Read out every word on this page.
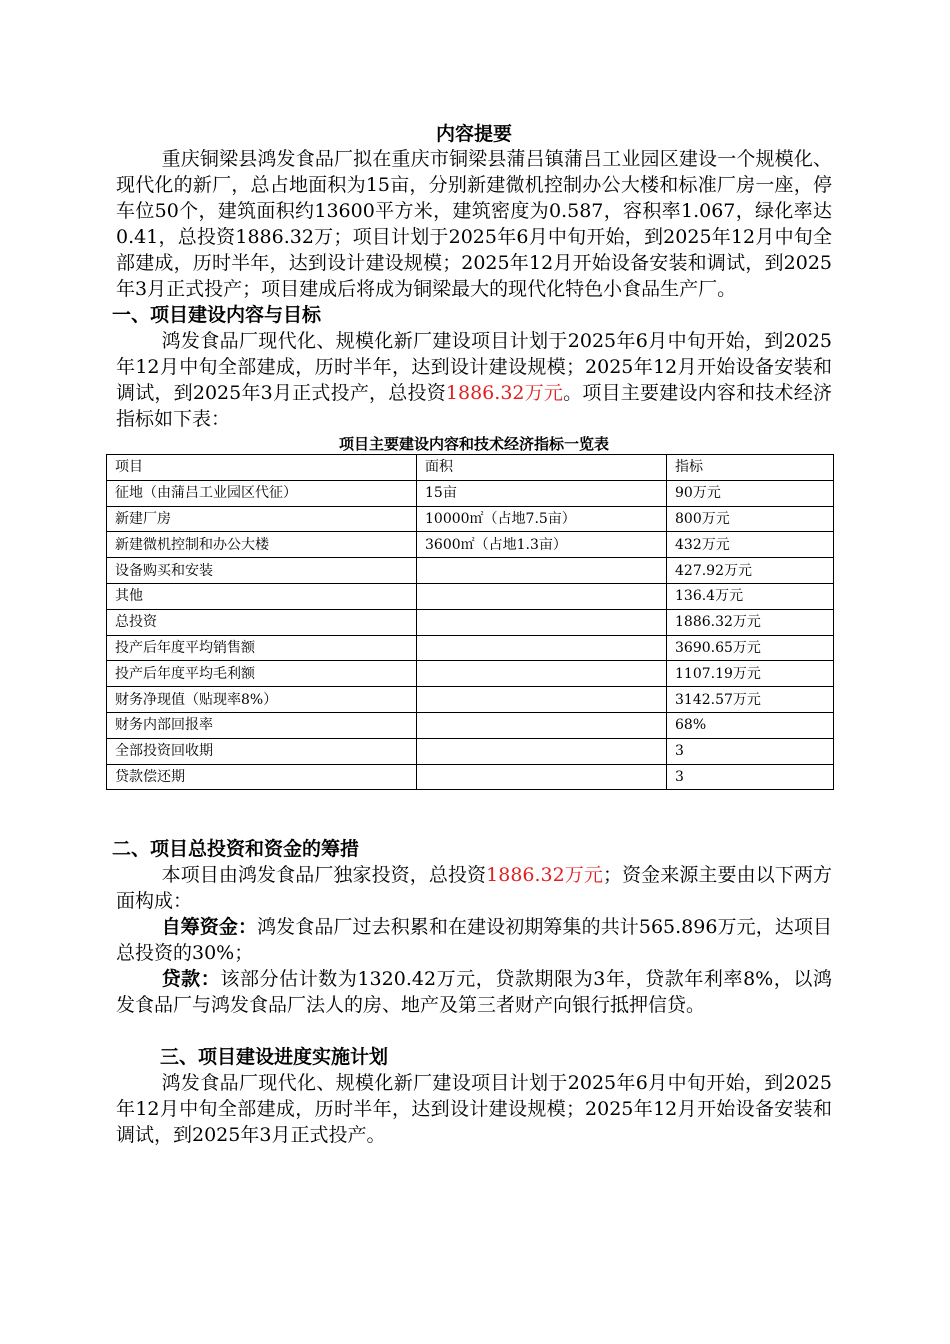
内容提要

重庆铜梁县鸿发食品厂拟在重庆市铜梁县蒲吕镇蒲吕工业园区建设一个规模化、现代化的新厂，总占地面积为15亩，分别新建微机控制办公大楼和标准厂房一座，停车位50个，建筑面积约13600平方米，建筑密度为0.587，容积率1.067，绿化率达0.41，总投资1886.32万；项目计划于2025年6月中旬开始，到2025年12月中旬全部建成，历时半年，达到设计建设规模；2025年12月开始设备安装和调试，到2025年3月正式投产；项目建成后将成为铜梁最大的现代化特色小食品生产厂。

一、项目建设内容与目标

鸿发食品厂现代化、规模化新厂建设项目计划于2025年6月中旬开始，到2025年12月中旬全部建成，历时半年，达到设计建设规模；2025年12月开始设备安装和调试，到2025年3月正式投产，总投资1886.32万元。项目主要建设内容和技术经济指标如下表：

项目主要建设内容和技术经济指标一览表

项目	面积	指标
征地（由蒲吕工业园区代征）	15亩	90万元
新建厂房	10000㎡（占地7.5亩）	800万元
新建微机控制和办公大楼	3600㎡（占地1.3亩）	432万元
设备购买和安装		427.92万元
其他		136.4万元
总投资		1886.32万元
投产后年度平均销售额		3690.65万元
投产后年度平均毛利额		1107.19万元
财务净现值（贴现率8%）		3142.57万元
财务内部回报率		68%
全部投资回收期		3
贷款偿还期		3

二、项目总投资和资金的筹措

本项目由鸿发食品厂独家投资，总投资1886.32万元；资金来源主要由以下两方面构成：

自筹资金：鸿发食品厂过去积累和在建设初期筹集的共计565.896万元，达项目总投资的30%；

贷款：该部分估计数为1320.42万元，贷款期限为3年，贷款年利率8%，以鸿发食品厂与鸿发食品厂法人的房、地产及第三者财产向银行抵押信贷。

三、项目建设进度实施计划

鸿发食品厂现代化、规模化新厂建设项目计划于2025年6月中旬开始，到2025年12月中旬全部建成，历时半年，达到设计建设规模；2025年12月开始设备安装和调试，到2025年3月正式投产。
